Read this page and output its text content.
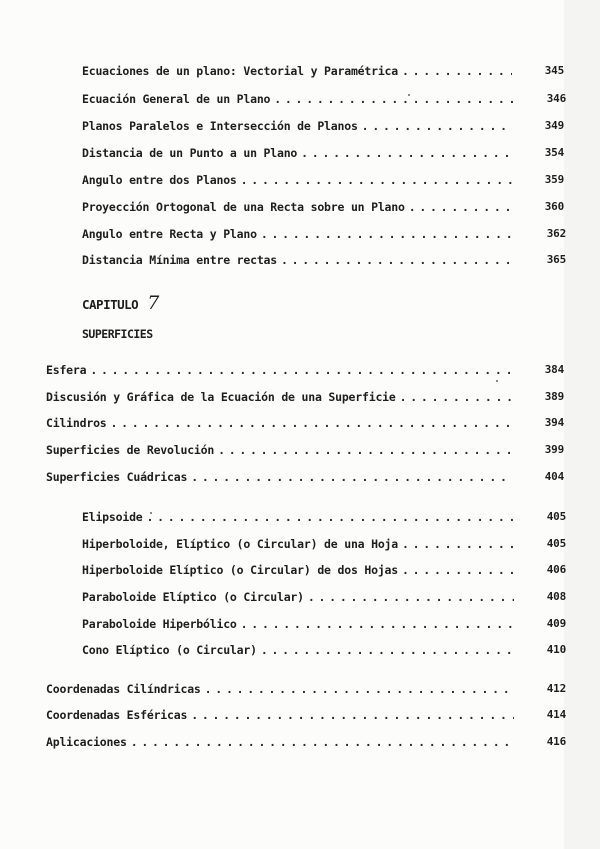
Ecuaciones de un plano: Vectorial y Paramétrica . . .	345
Ecuación General de un Plano . . .	346
Planos Paralelos e Intersección de Planos . . .	349
Distancia de un Punto a un Plano . . .	354
Angulo entre dos Planos . . .	359
Proyección Ortogonal de una Recta sobre un Plano . . .	360
Angulo entre Recta y Plano . . .	362
Distancia Mínima entre rectas . . .	365
CAPITULO 7
SUPERFICIES
Esfera . . .	384
Discusión y Gráfica de la Ecuación de una Superficie . . .	389
Cilindros . . .	394
Superficies de Revolución . . .	399
Superficies Cuádricas . . .	404
Elipsoide . . .	405
Hiperboloide, Elíptico (o Circular) de una Hoja . . .	405
Hiperboloide Elíptico (o Circular) de dos Hojas . . .	406
Paraboloide Elíptico (o Circular) . . .	408
Paraboloide Hiperbólico . . .	409
Cono Elíptico (o Circular) . . .	410
Coordenadas Cilíndricas . . .	412
Coordenadas Esféricas . . .	414
Aplicaciones . . .	416
